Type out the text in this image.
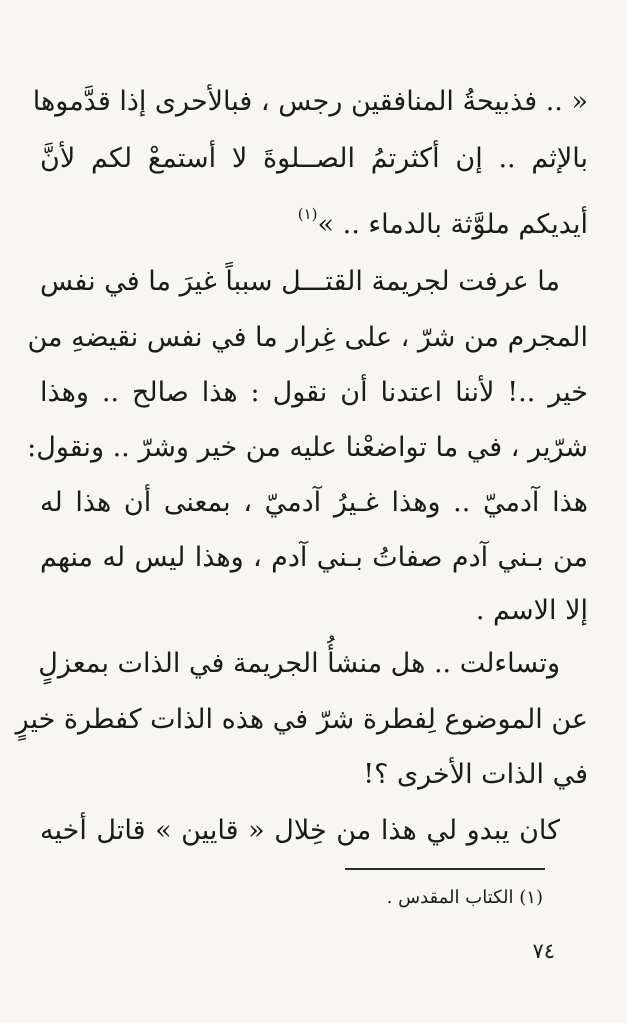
« .. فذبيحةُ المنافقين رجس ، فبالأحرى إذا قدَّموها
بالإثم .. إن أكثرتمُ الصــلوةَ لا أستمعْ لكم لأنَّ
أيديكم ملوَّثة بالدماء .. »$^{(١)}$
ما عرفت لجريمة القتـــل سبباً غيرَ ما في نفس
المجرم من شرّ ، على غِرار ما في نفس نقيضهِ من
خير ..! لأننا اعتدنا أن نقول : هذا صالح .. وهذا
شرّير ، في ما تواضعْنا عليه من خير وشرّ .. ونقول:
هذا آدميّ .. وهذا غـيرُ آدميّ ، بمعنى أن هذا له
من بـني آدم صفاتُ بـني آدم ، وهذا ليس له منهم
إلا الاسم .
وتساءلت .. هل منشأُ الجريمة في الذات بمعزلٍ
عن الموضوع لِفطرة شرّ في هذه الذات كفطرة خيرٍ
في الذات الأخرى ؟!
كان يبدو لي هذا من خِلال « قايين » قاتل أخيه
(١) الكتاب المقدس .
٧٤
